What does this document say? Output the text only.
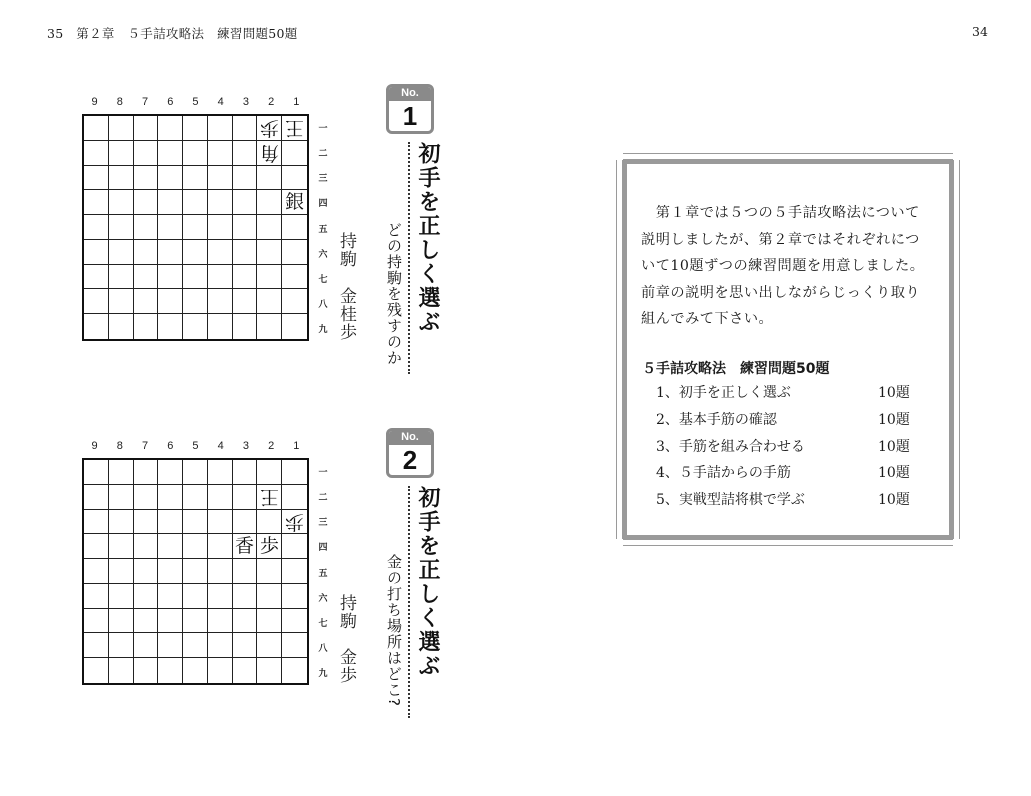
35　第２章　５手詰攻略法　練習問題50題	34
9	8	7	6	5	4	3	2	1
歩 王
角
銀
一
二
三
四
五
六
七
八
九
持駒
金桂歩
No.
1
初手を正しく選ぶ
どの持駒を残すのか
9	8	7	6	5	4	3	2	1
王
歩
香 歩
一
二
三
四
五
六
七
八
九
持駒
金歩
No.
2
初手を正しく選ぶ
金の打ち場所はどこ?

　第１章では５つの５手詰攻略法について

説明しましたが、第２章ではそれぞれにつ

いて10題ずつの練習問題を用意しました。

前章の説明を思い出しながらじっくり取り

組んでみて下さい。

５手詰攻略法　練習問題50題
1、初手を正しく選ぶ	10題
2、基本手筋の確認	10題
3、手筋を組み合わせる	10題
4、５手詰からの手筋	10題
5、実戦型詰将棋で学ぶ	10題
